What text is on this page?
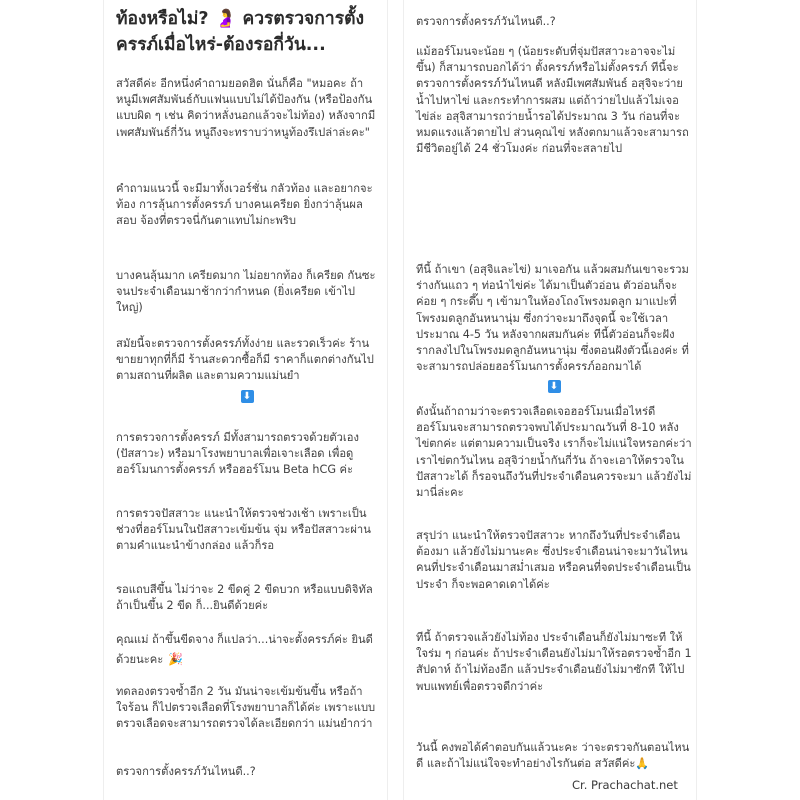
ท้องหรือไม่? 🤰 ควรตรวจการตั้งครรภ์เมื่อไหร่-ต้องรอกี่วัน...

สวัสดีค่ะ อีกหนึ่งคำถามยอดฮิต นั่นก็คือ "หมอคะ ถ้าหนูมีเพศสัมพันธ์กับแฟนแบบไม่ได้ป้องกัน (หรือป้องกันแบบผิด ๆ เช่น คิดว่าหลั่งนอกแล้วจะไม่ท้อง) หลังจากมีเพศสัมพันธ์กี่วัน หนูถึงจะทราบว่าหนูท้องรึเปล่าล่ะคะ"

คำถามแนวนี้ จะมีมาทั้งเวอร์ชั่น กลัวท้อง และอยากจะท้อง การลุ้นการตั้งครรภ์ บางคนเครียด ยิ่งกว่าลุ้นผลสอบ จ้องที่ตรวจนี่กันตาแทบไม่กะพริบ

บางคนลุ้นมาก เครียดมาก ไม่อยากท้อง ก็เครียด กันซะจนประจำเดือนมาช้ากว่ากำหนด (ยิ่งเครียด เข้าไปใหญ่)

สมัยนี้จะตรวจการตั้งครรภ์ทั้งง่าย และรวดเร็วค่ะ ร้านขายยาทุกที่ก็มี ร้านสะดวกซื้อก็มี ราคาก็แตกต่างกันไป ตามสถานที่ผลิต และตามความแม่นยำ

⬇

การตรวจการตั้งครรภ์ มีทั้งสามารถตรวจด้วยตัวเอง (ปัสสาวะ) หรือมาโรงพยาบาลเพื่อเจาะเลือด เพื่อดูฮอร์โมนการตั้งครรภ์ หรือฮอร์โมน Beta hCG ค่ะ

การตรวจปัสสาวะ แนะนำให้ตรวจช่วงเช้า เพราะเป็นช่วงที่ฮอร์โมนในปัสสาวะเข้มข้น จุ่ม หรือปัสสาวะผ่าน ตามคำแนะนำข้างกล่อง แล้วก็รอ

รอแถบสีขึ้น ไม่ว่าจะ 2 ขีดคู่ 2 ขีดบวก หรือแบบดิจิทัล ถ้าเป็นขึ้น 2 ขีด ก็...ยินดีด้วยค่ะ

คุณแม่ ถ้าขึ้นขีดจาง ก็แปลว่า...น่าจะตั้งครรภ์ค่ะ ยินดีด้วยนะคะ 🎉

ทดลองตรวจซ้ำอีก 2 วัน มันน่าจะเข้มข้นขึ้น หรือถ้าใจร้อน ก็ไปตรวจเลือดที่โรงพยาบาลก็ได้ค่ะ เพราะแบบตรวจเลือดจะสามารถตรวจได้ละเอียดกว่า แม่นยำกว่า

ตรวจการตั้งครรภ์วันไหนดี..?

ตรวจการตั้งครรภ์วันไหนดี..?

แม้ฮอร์โมนจะน้อย ๆ (น้อยระดับที่จุ่มปัสสาวะอาจจะไม่ขึ้น) ก็สามารถบอกได้ว่า ตั้งครรภ์หรือไม่ตั้งครรภ์ ทีนี้จะตรวจการตั้งครรภ์วันไหนดี หลังมีเพศสัมพันธ์ อสุจิจะว่ายน้ำไปหาไข่ และกระทำการผสม แต่ถ้าว่ายไปแล้วไม่เจอไข่ล่ะ อสุจิสามารถว่ายน้ำรอได้ประมาณ 3 วัน ก่อนที่จะหมดแรงแล้วตายไป ส่วนคุณไข่ หลังตกมาแล้วจะสามารถมีชีวิตอยู่ได้ 24 ชั่วโมงค่ะ ก่อนที่จะสลายไป

ทีนี้ ถ้าเขา (อสุจิและไข่) มาเจอกัน แล้วผสมกันเขาจะรวมร่างกันแถว ๆ ท่อนำไข่ค่ะ ได้มาเป็นตัวอ่อน ตัวอ่อนก็จะค่อย ๆ กระดึ๊บ ๆ เข้ามาในห้องโถงโพรงมดลูก มาแปะที่โพรงมดลูกอันหนานุ่ม ซึ่งกว่าจะมาถึงจุดนี้ จะใช้เวลาประมาณ 4-5 วัน หลังจากผสมกันค่ะ ทีนี้ตัวอ่อนก็จะฝังรากลงไปในโพรงมดลูกอันหนานุ่ม ซึ่งตอนฝังตัวนี้เองค่ะ ที่จะสามารถปล่อยฮอร์โมนการตั้งครรภ์ออกมาได้

⬇

ดังนั้นถ้าถามว่าจะตรวจเลือดเจอฮอร์โมนเมื่อไหร่ดี ฮอร์โมนจะสามารถตรวจพบได้ประมาณวันที่ 8-10 หลังไข่ตกค่ะ แต่ตามความเป็นจริง เราก็จะไม่แน่ใจหรอกค่ะว่า เราไข่ตกวันไหน อสุจิว่ายน้ำกันกี่วัน ถ้าจะเอาให้ตรวจในปัสสาวะได้ ก็รอจนถึงวันที่ประจำเดือนควรจะมา แล้วยังไม่มานี่ล่ะคะ

สรุปว่า แนะนำให้ตรวจปัสสาวะ หากถึงวันที่ประจำเดือนต้องมา แล้วยังไม่มานะคะ ซึ่งประจำเดือนน่าจะมาวันไหน คนที่ประจำเดือนมาสม่ำเสมอ หรือคนที่จดประจำเดือนเป็นประจำ ก็จะพอคาดเดาได้ค่ะ

ทีนี้ ถ้าตรวจแล้วยังไม่ท้อง ประจำเดือนก็ยังไม่มาซะที ให้ใจร่ม ๆ ก่อนค่ะ ถ้าประจำเดือนยังไม่มาให้รอตรวจซ้ำอีก 1 สัปดาห์ ถ้าไม่ท้องอีก แล้วประจำเดือนยังไม่มาซักที ให้ไปพบแพทย์เพื่อตรวจดีกว่าค่ะ

วันนี้ คงพอได้คำตอบกันแล้วนะคะ ว่าจะตรวจกันตอนไหนดี และถ้าไม่แน่ใจจะทำอย่างไรกันต่อ สวัสดีค่ะ🙏

Cr. Prachachat.net
